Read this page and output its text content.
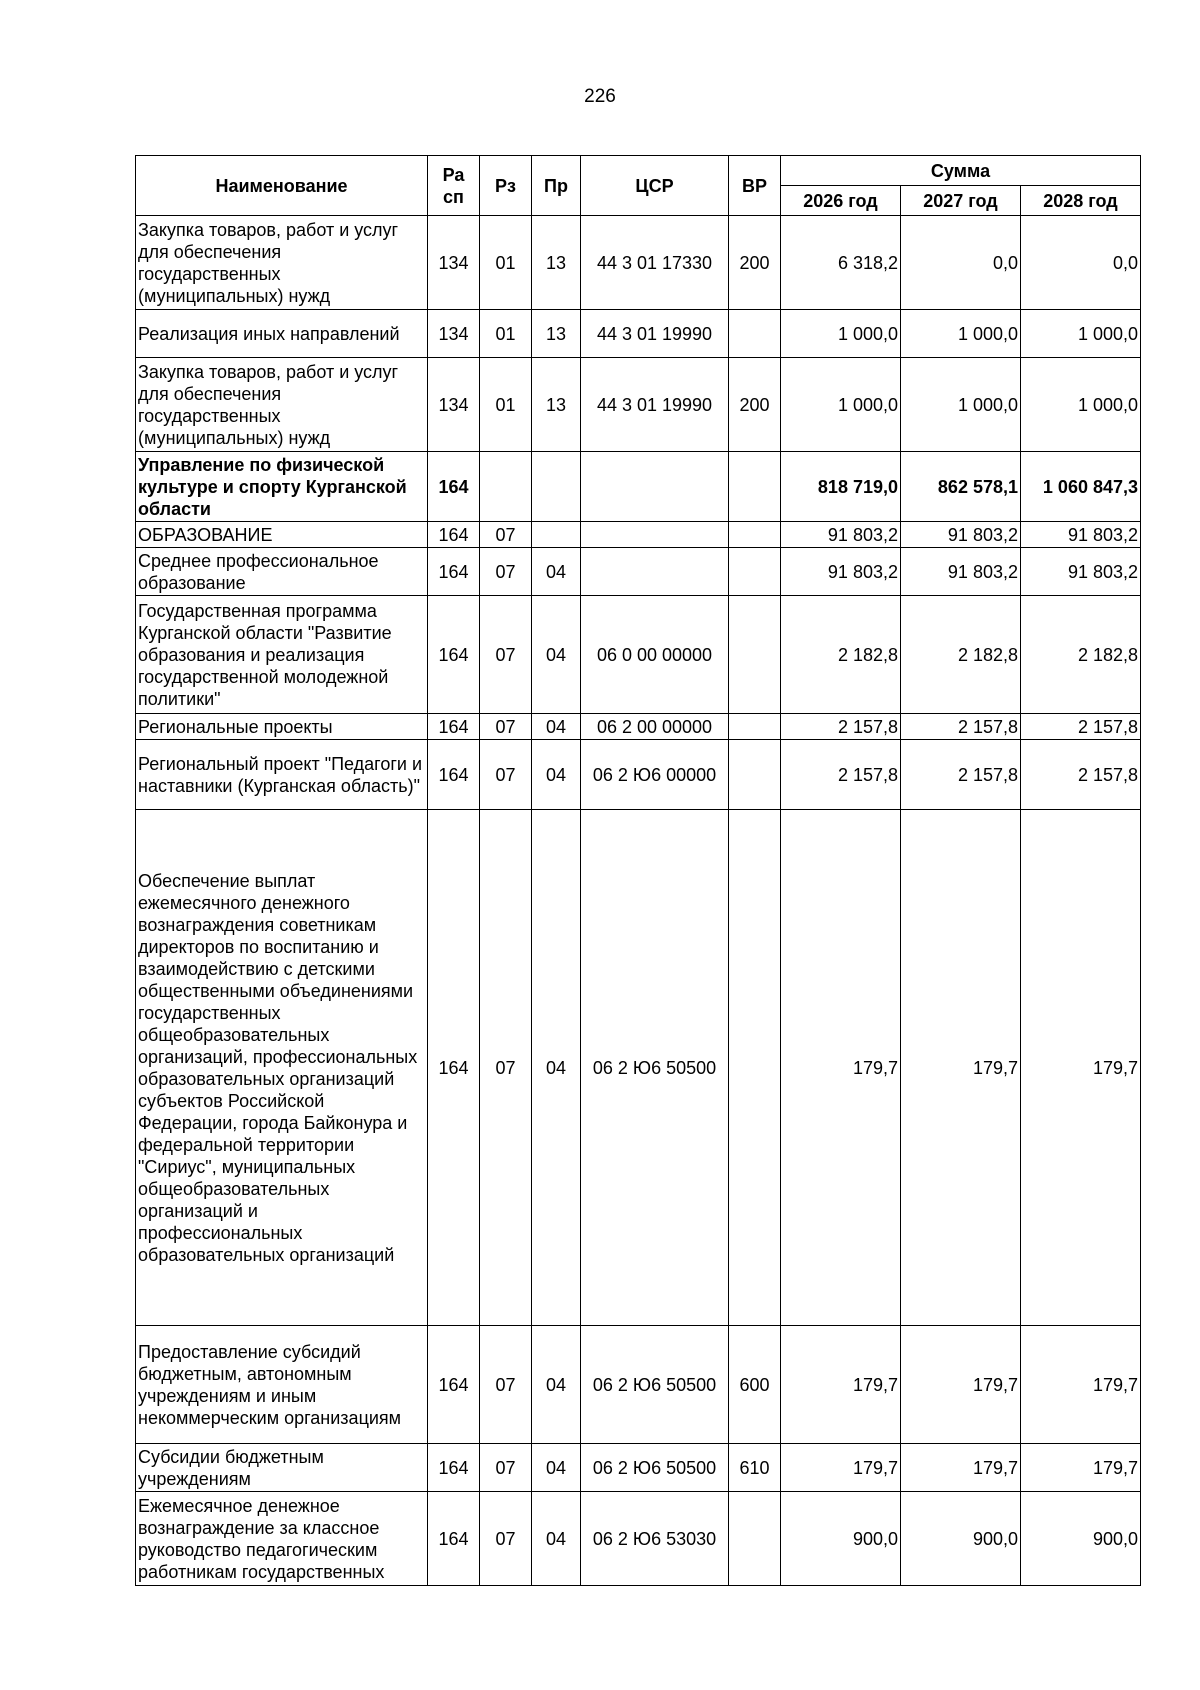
226
Наименование	Ра сп	Рз	Пр	ЦСР	ВР	Сумма		
						2026 год	2027 год	2028 год
Закупка товаров, работ и услуг для обеспечения государственных (муниципальных) нужд	134	01	13	44 3 01 17330	200	6 318,2	0,0	0,0
Реализация иных направлений	134	01	13	44 3 01 19990		1 000,0	1 000,0	1 000,0
Закупка товаров, работ и услуг для обеспечения государственных (муниципальных) нужд	134	01	13	44 3 01 19990	200	1 000,0	1 000,0	1 000,0
Управление по физической культуре и спорту Курганской области	164					818 719,0	862 578,1	1 060 847,3
ОБРАЗОВАНИЕ	164	07				91 803,2	91 803,2	91 803,2
Среднее профессиональное образование	164	07	04			91 803,2	91 803,2	91 803,2
Государственная программа Курганской области "Развитие образования и реализация государственной молодежной политики"	164	07	04	06 0 00 00000		2 182,8	2 182,8	2 182,8
Региональные проекты	164	07	04	06 2 00 00000		2 157,8	2 157,8	2 157,8
Региональный проект "Педагоги и наставники (Курганская область)"	164	07	04	06 2 Ю6 00000		2 157,8	2 157,8	2 157,8
Обеспечение выплат ежемесячного денежного вознаграждения советникам директоров по воспитанию и взаимодействию с детскими общественными объединениями государственных общеобразовательных организаций, профессиональных образовательных организаций субъектов Российской Федерации, города Байконура и федеральной территории "Сириус", муниципальных общеобразовательных организаций и профессиональных образовательных организаций	164	07	04	06 2 Ю6 50500		179,7	179,7	179,7
Предоставление субсидий бюджетным, автономным учреждениям и иным некоммерческим организациям	164	07	04	06 2 Ю6 50500	600	179,7	179,7	179,7
Субсидии бюджетным учреждениям	164	07	04	06 2 Ю6 50500	610	179,7	179,7	179,7
Ежемесячное денежное вознаграждение за классное руководство педагогическим работникам государственных	164	07	04	06 2 Ю6 53030		900,0	900,0	900,0
